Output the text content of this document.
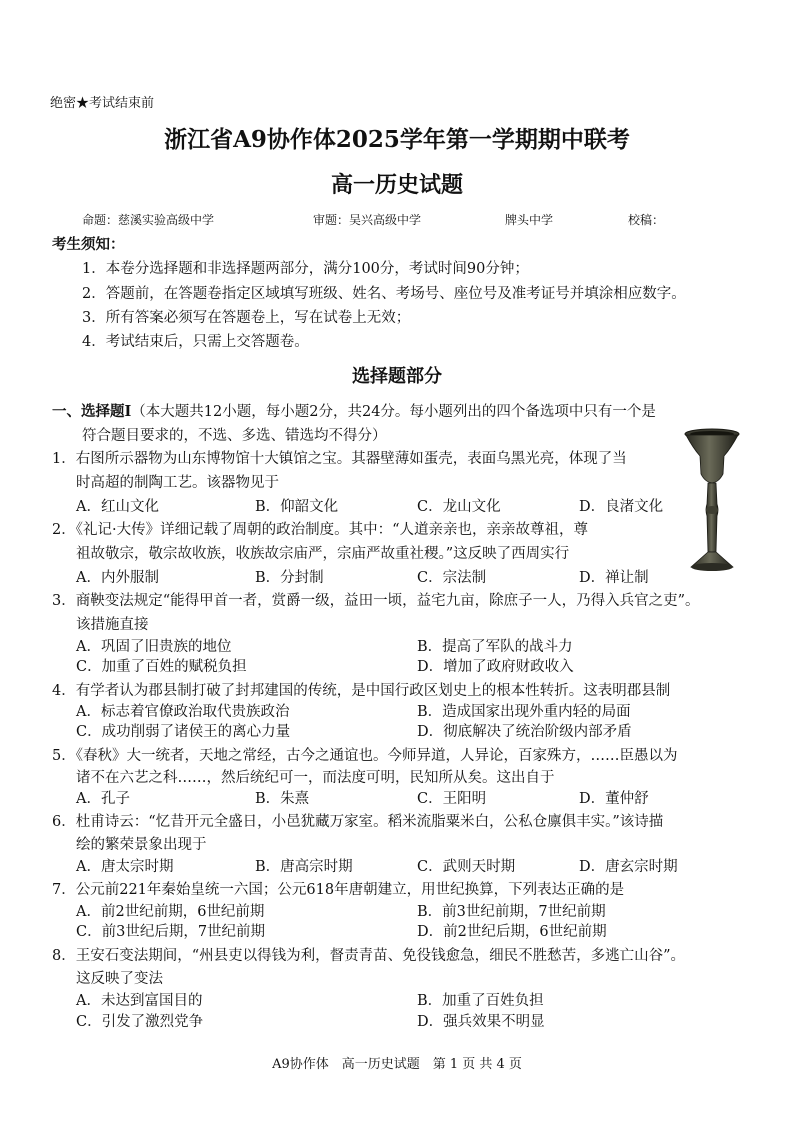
绝密★考试结束前
浙江省A9协作体2025学年第一学期期中联考
高一历史试题
命题：慈溪实验高级中学	审题：吴兴高级中学	牌头中学	校稿：
考生须知：
1．本卷分选择题和非选择题两部分，满分100分，考试时间90分钟；
2．答题前，在答题卷指定区域填写班级、姓名、考场号、座位号及准考证号并填涂相应数字。
3．所有答案必须写在答题卷上，写在试卷上无效；
4．考试结束后，只需上交答题卷。
选择题部分
一、选择题Ⅰ（本大题共12小题，每小题2分，共24分。每小题列出的四个备选项中只有一个是
符合题目要求的，不选、多选、错选均不得分）
1．右图所示器物为山东博物馆十大镇馆之宝。其器壁薄如蛋壳，表面乌黑光亮，体现了当
时高超的制陶工艺。该器物见于
A．红山文化	B．仰韶文化	C．龙山文化	D．良渚文化
2．《礼记·大传》详细记载了周朝的政治制度。其中：“人道亲亲也，亲亲故尊祖，尊
祖故敬宗，敬宗故收族，收族故宗庙严，宗庙严故重社稷。”这反映了西周实行
A．内外服制	B．分封制	C．宗法制	D．禅让制
3．商鞅变法规定“能得甲首一者，赏爵一级，益田一顷，益宅九亩，除庶子一人，乃得入兵官之吏”。
该措施直接
A．巩固了旧贵族的地位	B．提高了军队的战斗力
C．加重了百姓的赋税负担	D．增加了政府财政收入
4．有学者认为郡县制打破了封邦建国的传统，是中国行政区划史上的根本性转折。这表明郡县制
A．标志着官僚政治取代贵族政治	B．造成国家出现外重内轻的局面
C．成功削弱了诸侯王的离心力量	D．彻底解决了统治阶级内部矛盾
5．《春秋》大一统者，天地之常经，古今之通谊也。今师异道，人异论，百家殊方，……臣愚以为
诸不在六艺之科……，然后统纪可一，而法度可明，民知所从矣。这出自于
A．孔子	B．朱熹	C．王阳明	D．董仲舒
6．杜甫诗云：“忆昔开元全盛日，小邑犹藏万家室。稻米流脂粟米白，公私仓廪俱丰实。”该诗描
绘的繁荣景象出现于
A．唐太宗时期	B．唐高宗时期	C．武则天时期	D．唐玄宗时期
7．公元前221年秦始皇统一六国；公元618年唐朝建立，用世纪换算，下列表达正确的是
A．前2世纪前期，6世纪前期	B．前3世纪前期，7世纪前期
C．前3世纪后期，7世纪前期	D．前2世纪后期，6世纪前期
8．王安石变法期间，“州县吏以得钱为利，督责青苗、免役钱愈急，细民不胜愁苦，多逃亡山谷”。
这反映了变法
A．未达到富国目的	B．加重了百姓负担
C．引发了激烈党争	D．强兵效果不明显
A9协作体　高一历史试题　第 1 页 共 4 页
